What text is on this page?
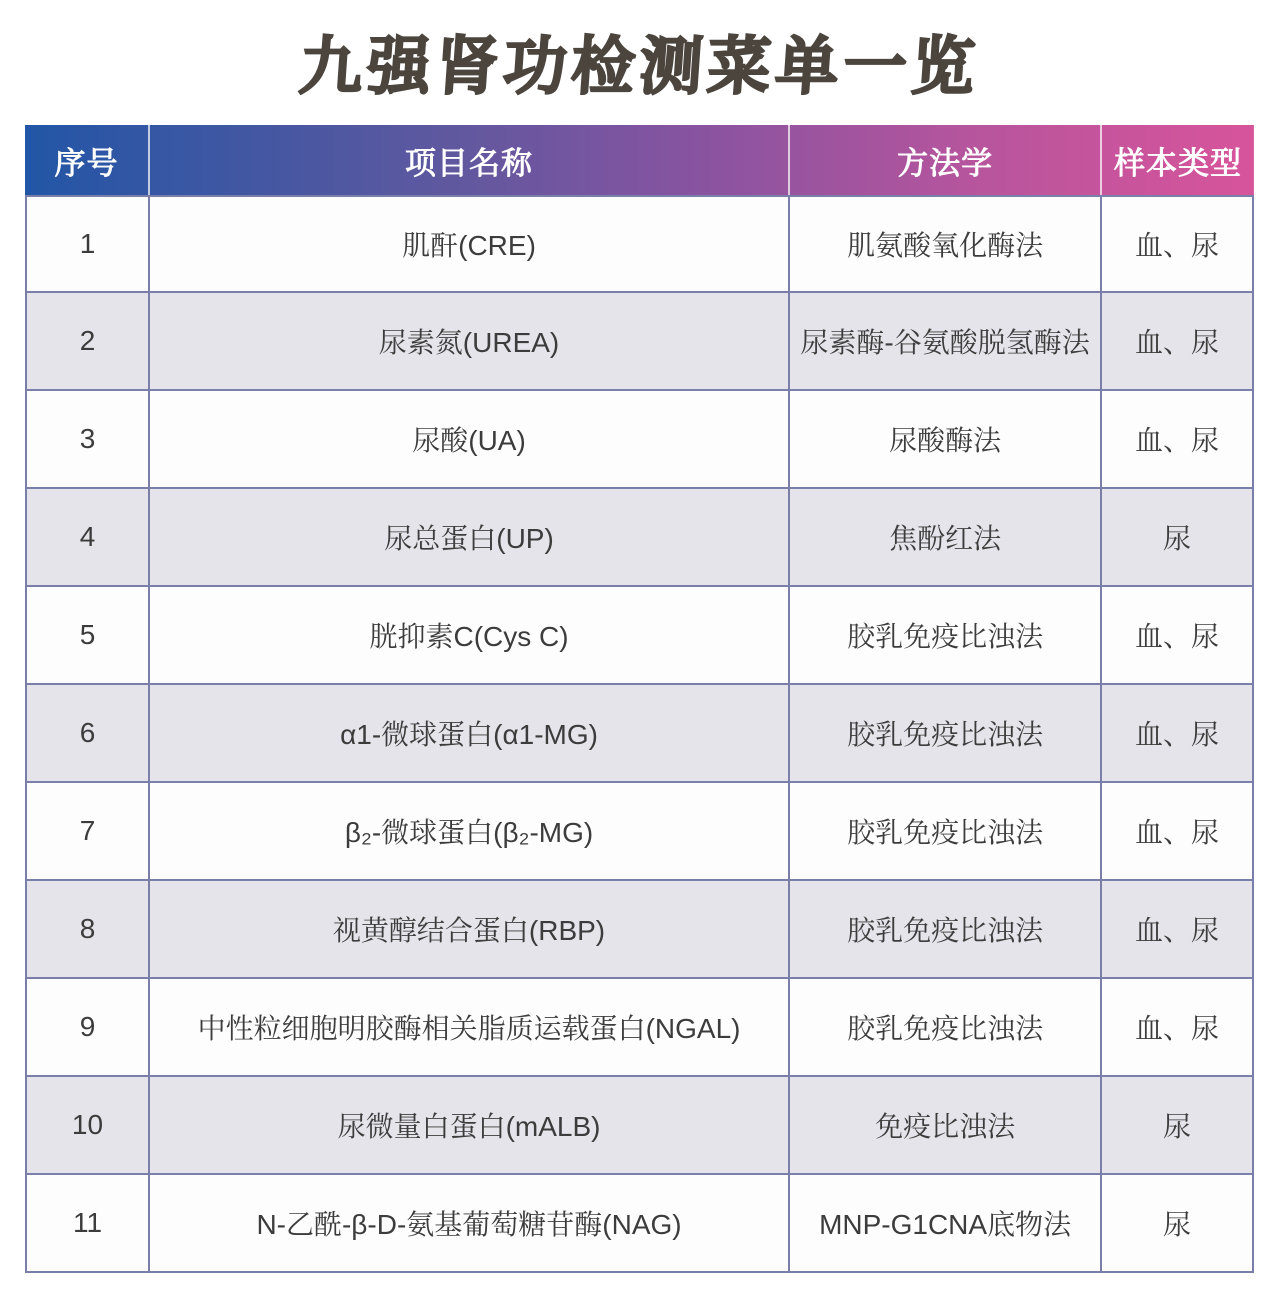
九强肾功检测菜单一览
序号	项目名称	方法学	样本类型
1	肌酐(CRE)	肌氨酸氧化酶法	血、尿
2	尿素氮(UREA)	尿素酶-谷氨酸脱氢酶法	血、尿
3	尿酸(UA)	尿酸酶法	血、尿
4	尿总蛋白(UP)	焦酚红法	尿
5	胱抑素C(Cys C)	胶乳免疫比浊法	血、尿
6	α1-微球蛋白(α1-MG)	胶乳免疫比浊法	血、尿
7	β₂-微球蛋白(β₂-MG)	胶乳免疫比浊法	血、尿
8	视黄醇结合蛋白(RBP)	胶乳免疫比浊法	血、尿
9	中性粒细胞明胶酶相关脂质运载蛋白(NGAL)	胶乳免疫比浊法	血、尿
10	尿微量白蛋白(mALB)	免疫比浊法	尿
11	N-乙酰-β-D-氨基葡萄糖苷酶(NAG)	MNP-G1CNA底物法	尿
